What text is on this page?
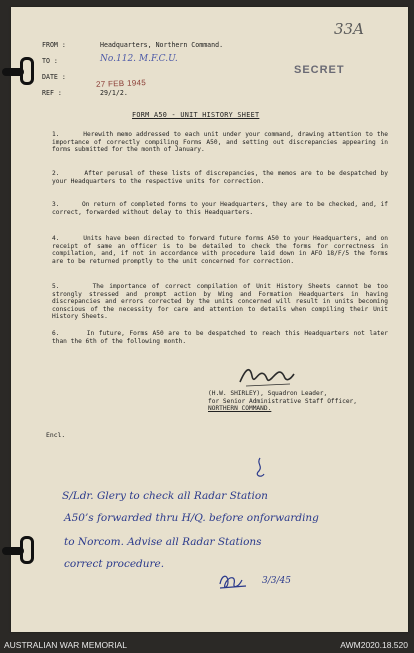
33A
SECRET
FROM :	Headquarters, Northern Command.
TO :	No.112. M.F.C.U.
DATE :
27 FEB 1945
REF :	29/1/2.
FORM A50 - UNIT HISTORY SHEET
1.	Herewith memo addressed to each unit under your command, drawing attention to the importance of correctly compiling Forms A50, and setting out discrepancies appearing in forms submitted for the month of January.
2.	After perusal of these lists of discrepancies, the memos are to be despatched by your Headquarters to the respective units for correction.
3.	On return of completed forms to your Headquarters, they are to be checked, and, if correct, forwarded without delay to this Headquarters.
4.	Units have been directed to forward future forms A50 to your Headquarters, and on receipt of same an officer is to be detailed to check the forms for correctness in compilation, and, if not in accordance with procedure laid down in AFO 18/F/5 the forms are to be returned promptly to the unit concerned for correction.
5.	The importance of correct compilation of Unit History Sheets cannot be too strongly stressed and prompt action by Wing and Formation Headquarters in having discrepancies and errors corrected by the units concerned will result in units becoming conscious of the necessity for care and attention to details when compiling their Unit History Sheets.
6.	In future, Forms A50 are to be despatched to reach this Headquarters not later than the 6th of the following month.
(H.W. SHIRLEY), Squadron Leader,
for Senior Administrative Staff Officer,
NORTHERN COMMAND.
Encl.
S/Ldr. Glery to check all Radar Station
A50’s forwarded thru H/Q. before onforwarding
to Norcom. Advise all Radar Stations
correct procedure.
3/3/45
AUSTRALIAN WAR MEMORIAL	AWM2020.18.520
